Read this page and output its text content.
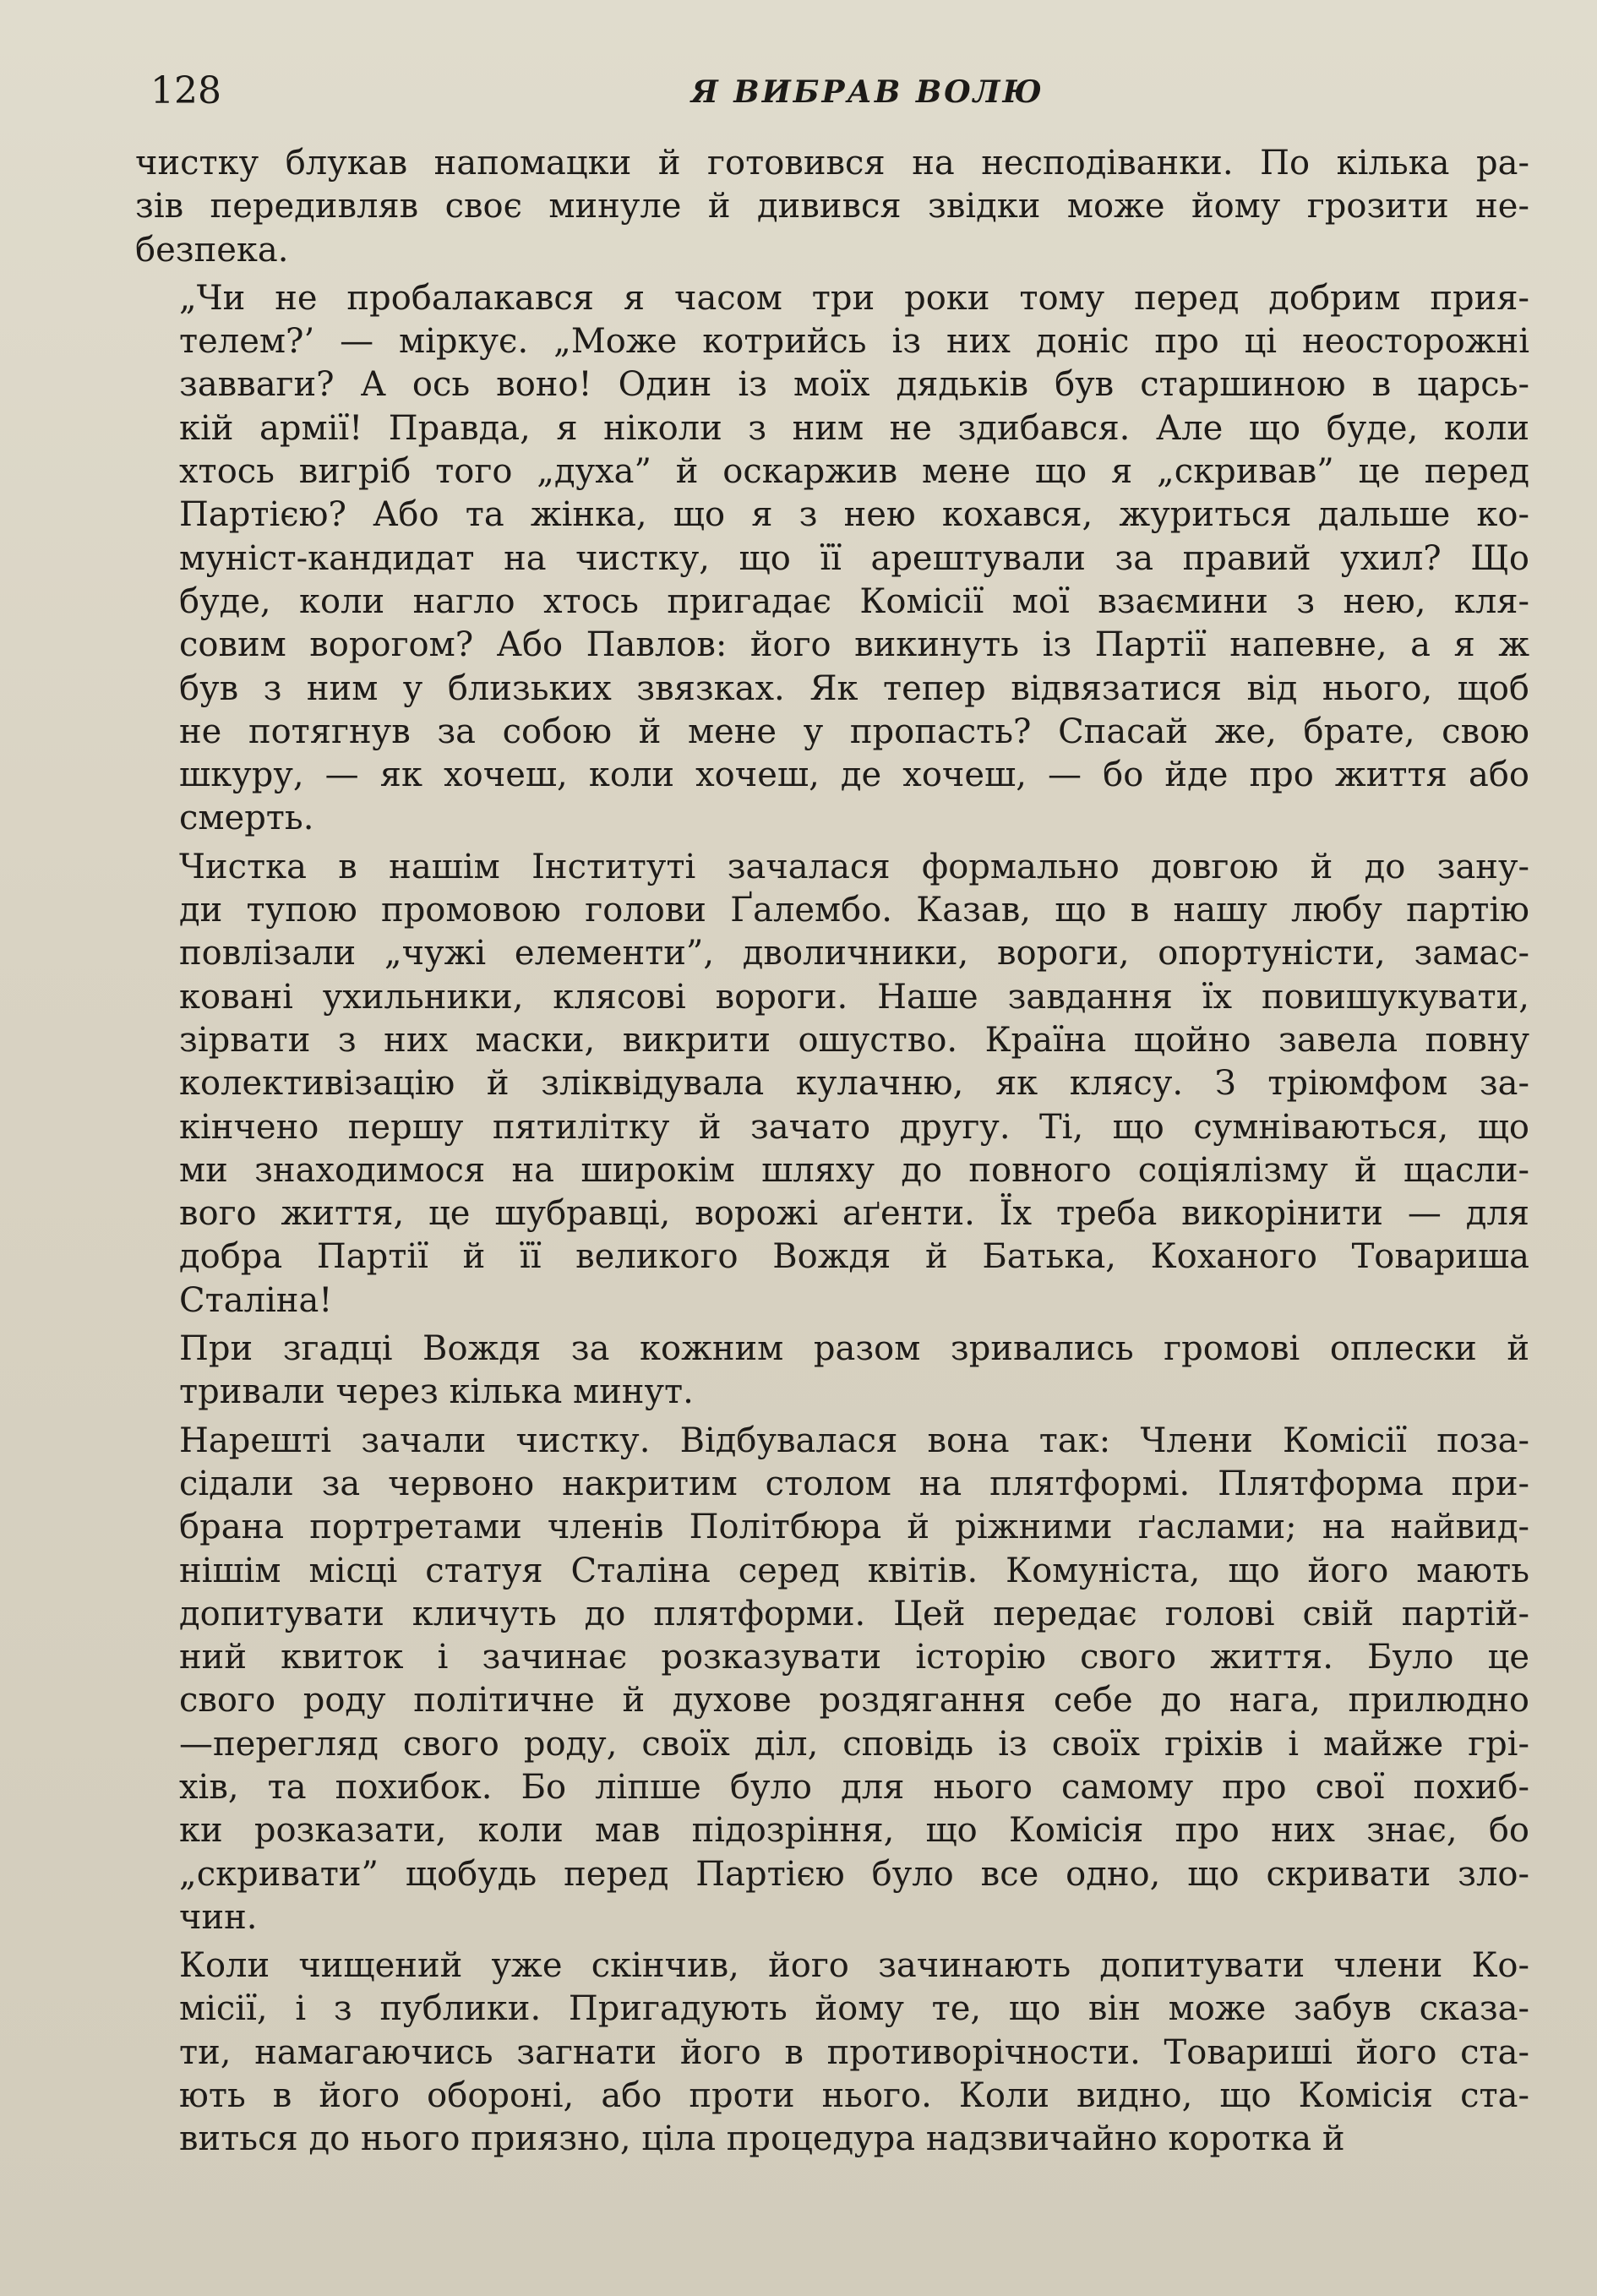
128	Я ВИБРАВ ВОЛЮ
чистку блукав напомацки й готовився на несподіванки. По кілька ра-
зів передивляв своє минуле й дивився звідки може йому грозити не-
безпека.
„Чи не пробалакався я часом три роки тому перед добрим прия-
телем?’ — міркує. „Може котрийсь із них доніс про ці неосторожні
завваги? А ось воно! Один із моїх дядьків був старшиною в царсь-
кій армії! Правда, я ніколи з ним не здибався. Але що буде, коли
хтось вигріб того „духа” й оскаржив мене що я „скривав” це перед
Партією? Або та жінка, що я з нею кохався, журиться дальше ко-
муніст-кандидат на чистку, що її арештували за правий ухил? Що
буде, коли нагло хтось пригадає Комісії мої взаємини з нею, кля-
совим ворогом? Або Павлов: його викинуть із Партії напевне, а я ж
був з ним у близьких звязках. Як тепер відвязатися від нього, щоб
не потягнув за собою й мене у пропасть? Спасай же, брате, свою
шкуру, — як хочеш, коли хочеш, де хочеш, — бо йде про життя або
смерть.
Чистка в нашім Інституті зачалася формально довгою й до зану-
ди тупою промовою голови Ґалембо. Казав, що в нашу любу партію
повлізали „чужі елементи”, дволичники, вороги, опортуністи, замас-
ковані ухильники, клясові вороги. Наше завдання їх повишукувати,
зірвати з них маски, викрити ошуство. Країна щойно завела повну
колективізацію й зліквідувала кулачню, як клясу. З тріюмфом за-
кінчено першу пятилітку й зачато другу. Ті, що сумніваються, що
ми знаходимося на широкім шляху до повного соціялізму й щасли-
вого життя, це шубравці, ворожі аґенти. Їх треба викорінити — для
добра Партії й її великого Вождя й Батька, Коханого Товариша
Сталіна!
При згадці Вождя за кожним разом зривались громові оплески й
тривали через кілька минут.
Нарешті зачали чистку. Відбувалася вона так: Члени Комісії поза-
сідали за червоно накритим столом на плятформі. Плятформа при-
брана портретами членів Політбюра й ріжними ґаслами; на найвид-
нішім місці статуя Сталіна серед квітів. Комуніста, що його мають
допитувати кличуть до плятформи. Цей передає голові свій партій-
ний квиток і зачинає розказувати історію свого життя. Було це
свого роду політичне й духове роздягання себе до нага, прилюдно
—перегляд свого роду, своїх діл, сповідь із своїх гріхів і майже грі-
хів, та похибок. Бо ліпше було для нього самому про свої похиб-
ки розказати, коли мав підозріння, що Комісія про них знає, бо
„скривати” щобудь перед Партією було все одно, що скривати зло-
чин.
Коли чищений уже скінчив, його зачинають допитувати члени Ко-
місії, і з публики. Пригадують йому те, що він може забув сказа-
ти, намагаючись загнати його в противорічности. Товариші його ста-
ють в його обороні, або проти нього. Коли видно, що Комісія ста-
виться до нього приязно, ціла процедура надзвичайно коротка й
